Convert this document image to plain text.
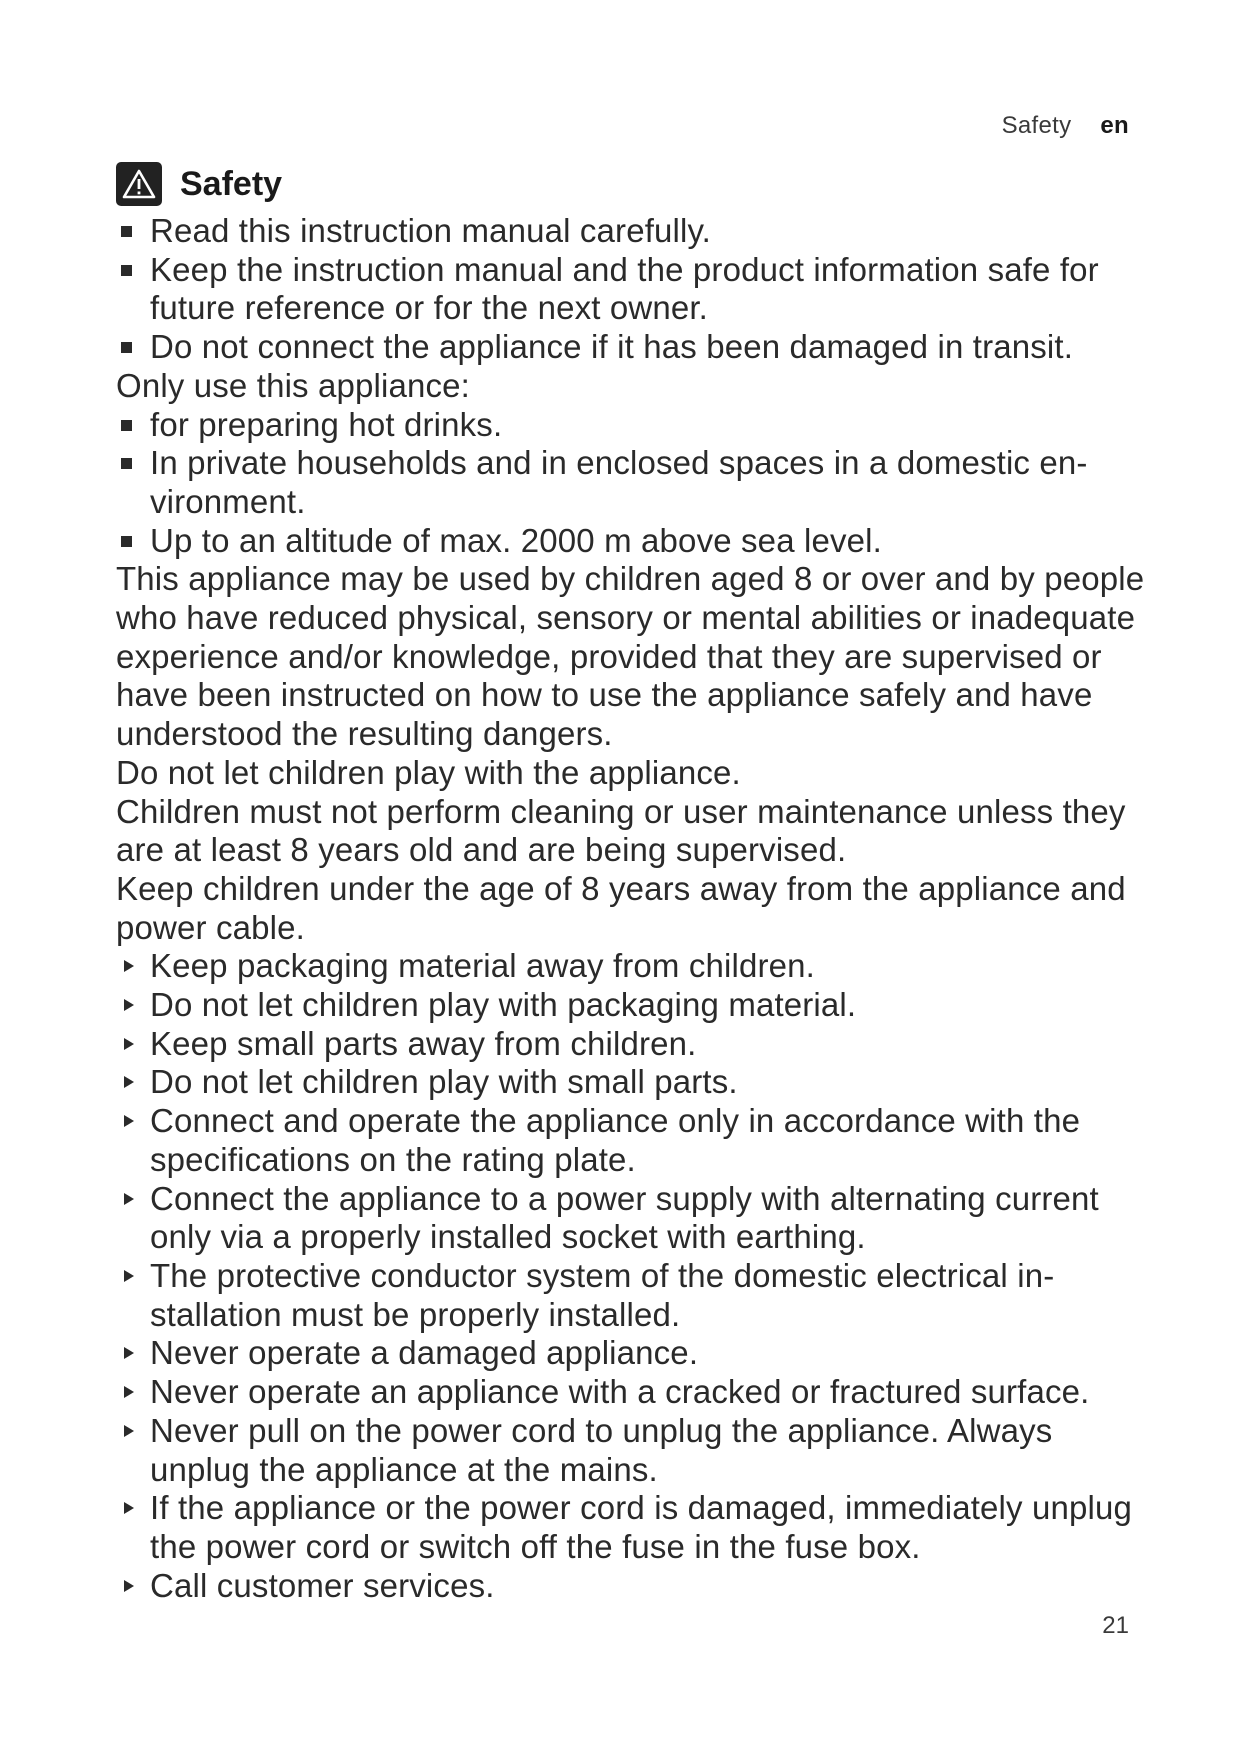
Safety en
Safety
Read this instruction manual carefully.
Keep the instruction manual and the product information safe for future reference or for the next owner.
Do not connect the appliance if it has been damaged in transit.

Only use this appliance:

for preparing hot drinks.
In private households and in enclosed spaces in a domestic environment.
Up to an altitude of max. 2000 m above sea level.

This appliance may be used by children aged 8 or over and by people who have reduced physical, sensory or mental abilities or inadequate experience and/or knowledge, provided that they are supervised or have been instructed on how to use the appliance safely and have understood the resulting dangers.

Do not let children play with the appliance.

Children must not perform cleaning or user maintenance unless they are at least 8 years old and are being supervised.

Keep children under the age of 8 years away from the appliance and power cable.

Keep packaging material away from children.
Do not let children play with packaging material.
Keep small parts away from children.
Do not let children play with small parts.
Connect and operate the appliance only in accordance with the specifications on the rating plate.
Connect the appliance to a power supply with alternating current only via a properly installed socket with earthing.
The protective conductor system of the domestic electrical installation must be properly installed.
Never operate a damaged appliance.
Never operate an appliance with a cracked or fractured surface.
Never pull on the power cord to unplug the appliance. Always unplug the appliance at the mains.
If the appliance or the power cord is damaged, immediately unplug the power cord or switch off the fuse in the fuse box.
Call customer services.
21
